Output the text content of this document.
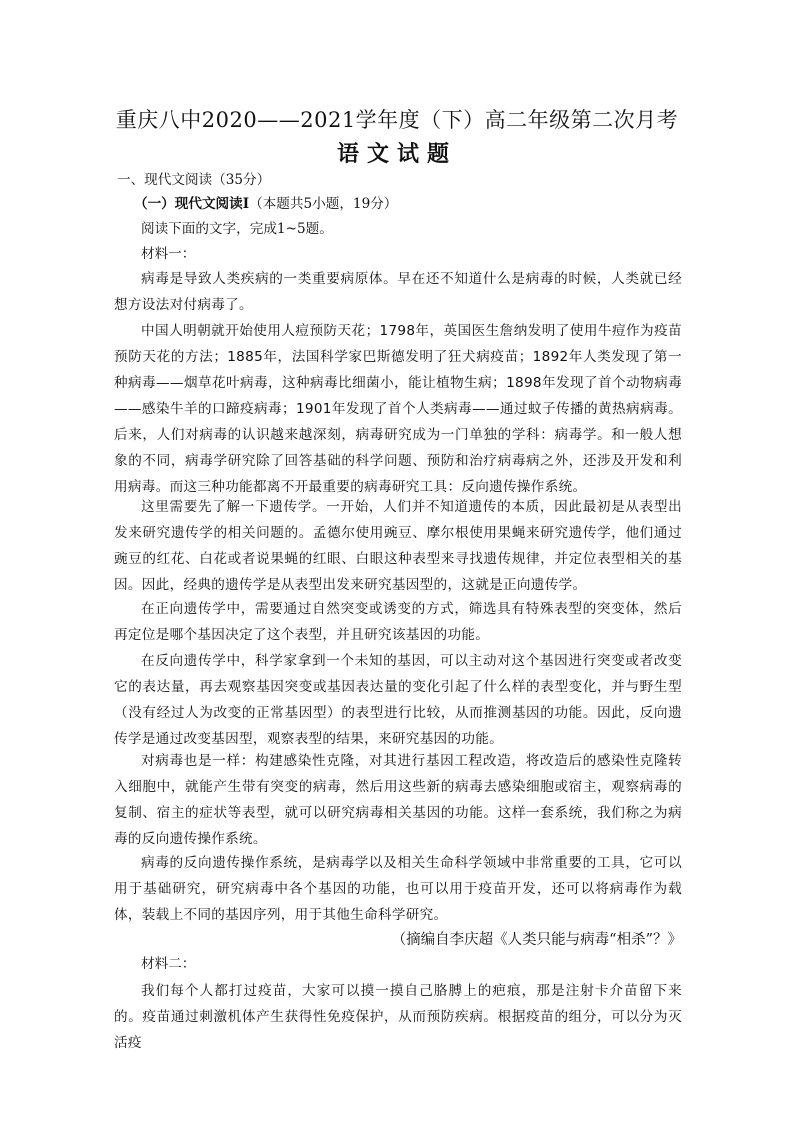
重庆八中2020——2021学年度（下）高二年级第二次月考
语文试题
一、现代文阅读（35分）
（一）现代文阅读Ⅰ（本题共5小题，19分）
阅读下面的文字，完成1~5题。
材料一：
病毒是导致人类疾病的一类重要病原体。早在还不知道什么是病毒的时候，人类就已经想方设法对付病毒了。
中国人明朝就开始使用人痘预防天花；1798年，英国医生詹纳发明了使用牛痘作为疫苗预防天花的方法；1885年，法国科学家巴斯德发明了狂犬病疫苗；1892年人类发现了第一种病毒——烟草花叶病毒，这种病毒比细菌小，能让植物生病；1898年发现了首个动物病毒——感染牛羊的口蹄疫病毒；1901年发现了首个人类病毒——通过蚊子传播的黄热病病毒。后来，人们对病毒的认识越来越深刻，病毒研究成为一门单独的学科：病毒学。和一般人想象的不同，病毒学研究除了回答基础的科学问题、预防和治疗病毒病之外，还涉及开发和利用病毒。而这三种功能都离不开最重要的病毒研究工具：反向遗传操作系统。
这里需要先了解一下遗传学。一开始，人们并不知道遗传的本质，因此最初是从表型出发来研究遗传学的相关问题的。孟德尔使用豌豆、摩尔根使用果蝇来研究遗传学，他们通过豌豆的红花、白花或者说果蝇的红眼、白眼这种表型来寻找遗传规律，并定位表型相关的基因。因此，经典的遗传学是从表型出发来研究基因型的，这就是正向遗传学。
在正向遗传学中，需要通过自然突变或诱变的方式，筛选具有特殊表型的突变体，然后再定位是哪个基因决定了这个表型，并且研究该基因的功能。
在反向遗传学中，科学家拿到一个未知的基因，可以主动对这个基因进行突变或者改变它的表达量，再去观察基因突变或基因表达量的变化引起了什么样的表型变化，并与野生型（没有经过人为改变的正常基因型）的表型进行比较，从而推测基因的功能。因此，反向遗传学是通过改变基因型，观察表型的结果，来研究基因的功能。
对病毒也是一样：构建感染性克隆，对其进行基因工程改造，将改造后的感染性克隆转入细胞中，就能产生带有突变的病毒，然后用这些新的病毒去感染细胞或宿主，观察病毒的复制、宿主的症状等表型，就可以研究病毒相关基因的功能。这样一套系统，我们称之为病毒的反向遗传操作系统。
病毒的反向遗传操作系统，是病毒学以及相关生命科学领域中非常重要的工具，它可以用于基础研究，研究病毒中各个基因的功能，也可以用于疫苗开发，还可以将病毒作为载体，装载上不同的基因序列，用于其他生命科学研究。
（摘编自李庆超《人类只能与病毒“相杀”？》
材料二：
我们每个人都打过疫苗，大家可以摸一摸自己胳膊上的疤痕，那是注射卡介苗留下来的。疫苗通过刺激机体产生获得性免疫保护，从而预防疾病。根据疫苗的组分，可以分为灭活疫
